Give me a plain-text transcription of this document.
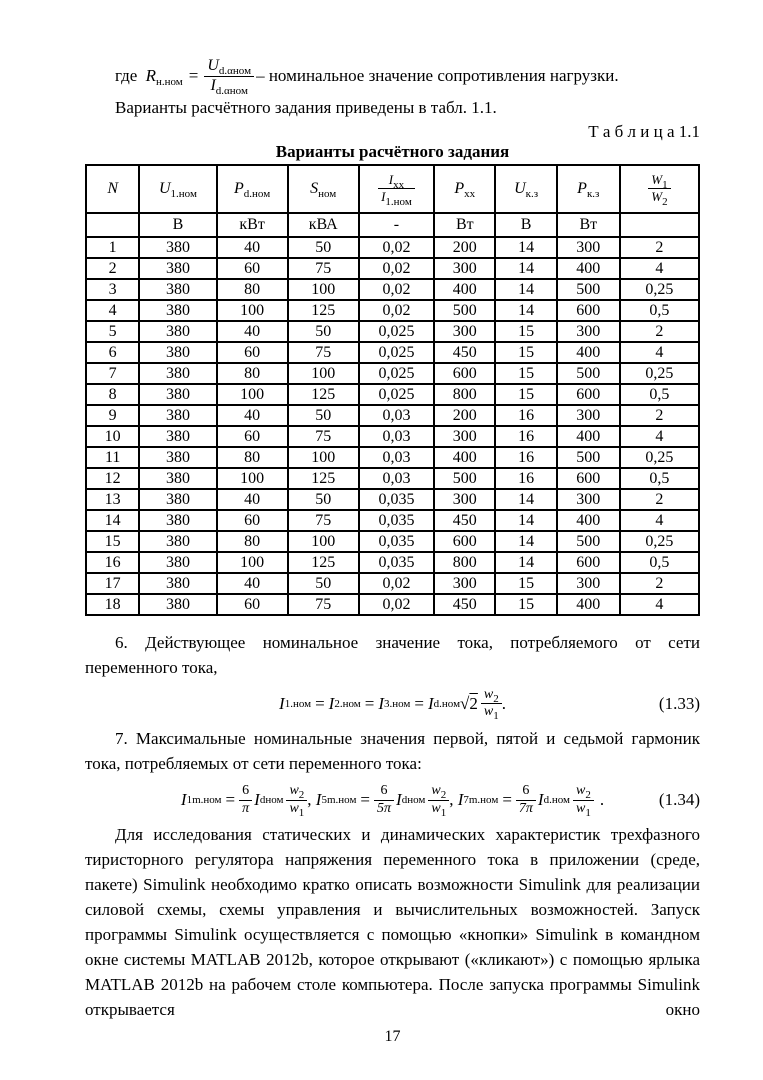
где
$R_{н.ном} = \frac{U_{d.\alpha ном}}{I_{d.\alpha ном}}$ – номинальное значение сопротивления нагрузки.

Варианты расчётного задания приведены в табл. 1.1.

Т а б л и ц а 1.1

Варианты расчётного задания

N	$U_{1.ном}$	$P_{d.ном}$	$S_{ном}$	$\frac{I_{хх}}{I_{1.ном}}$	$P_{хх}$	$U_{к.з}$	$P_{к.з}$	$\frac{W_1}{W_2}$

	В	кВт	кВА	-	Вт	В	Вт	
1	380	40	50	0,02	200	14	300	2
2	380	60	75	0,02	300	14	400	4
3	380	80	100	0,02	400	14	500	0,25
4	380	100	125	0,02	500	14	600	0,5
5	380	40	50	0,025	300	15	300	2
6	380	60	75	0,025	450	15	400	4
7	380	80	100	0,025	600	15	500	0,25
8	380	100	125	0,025	800	15	600	0,5
9	380	40	50	0,03	200	16	300	2
10	380	60	75	0,03	300	16	400	4
11	380	80	100	0,03	400	16	500	0,25
12	380	100	125	0,03	500	16	600	0,5
13	380	40	50	0,035	300	14	300	2
14	380	60	75	0,035	450	14	400	4
15	380	80	100	0,035	600	14	500	0,25
16	380	100	125	0,035	800	14	600	0,5
17	380	40	50	0,02	300	15	300	2
18	380	60	75	0,02	450	15	400	4

6. Действующее номинальное значение тока, потребляемого от сети переменного тока,

I 1.ном = I 2.ном = I 3.ном = I d.ном √ $2 \frac{w_2}{w_1}$ .	(1.33)

7. Максимальные номинальные значения первой, пятой и седьмой гармоник тока, потребляемых от сети переменного тока:

I $1m.ном = \frac{6}{\pi}$ I dном $\frac{w_2}{w_1}$ ,
I $5m.ном = \frac{6}{5\pi}$ I dном $\frac{w_2}{w_1}$ ,
I $7m.ном = \frac{6}{7\pi}$ I $d.ном \frac{w_2}{w_1}$ .	(1.34)

Для исследования статических и динамических характеристик трехфазного тиристорного регулятора напряжения переменного тока в приложении (среде, пакете) Simulink необходимо кратко описать возможности Simulink для реализации силовой схемы, схемы управления и вычислительных возможностей. Запуск программы Simulink осуществляется с помощью «кнопки» Simulink в командном окне системы MATLAB 2012b, которое открывают («кликают») с помощью ярлыка MATLAB 2012b на рабочем столе компьютера. После запуска программы Simulink открывается окно

17
